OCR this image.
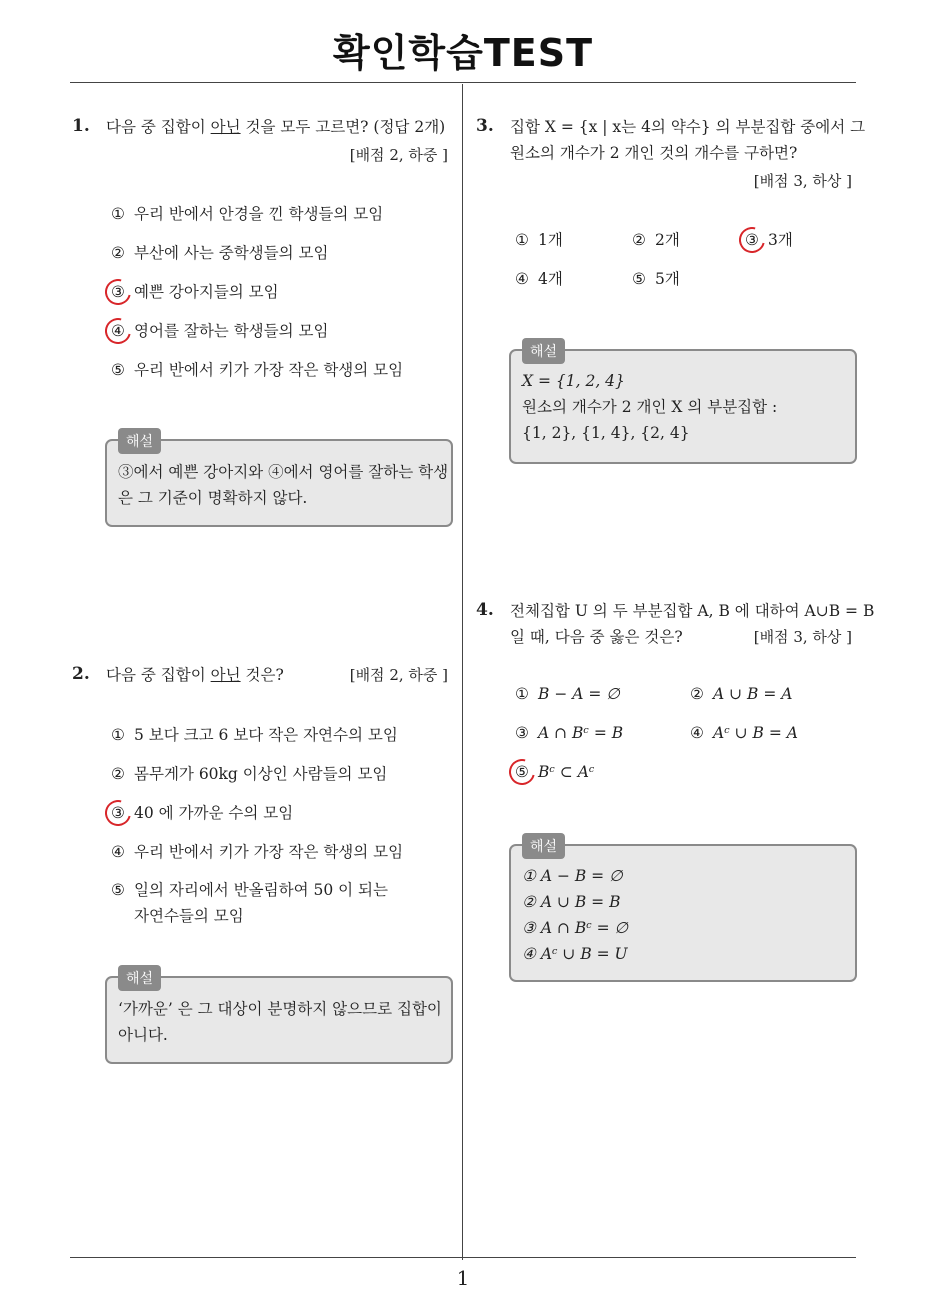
확인학습TEST
1
1. 다음 중 집합이 아닌 것을 모두 고르면? (정답 2개)
[배점 2, 하중 ]
① 우리 반에서 안경을 낀 학생들의 모임
② 부산에 사는 중학생들의 모임
③ 예쁜 강아지들의 모임
④ 영어를 잘하는 학생들의 모임
⑤ 우리 반에서 키가 가장 작은 학생의 모임
해설
③에서 예쁜 강아지와 ④에서 영어를 잘하는 학생
은 그 기준이 명확하지 않다.
2. 다음 중 집합이 아닌 것은?	[배점 2, 하중 ]
① 5 보다 크고 6 보다 작은 자연수의 모임
② 몸무게가 60kg 이상인 사람들의 모임
③ 40 에 가까운 수의 모임
④ 우리 반에서 키가 가장 작은 학생의 모임
⑤ 일의 자리에서 반올림하여 50 이 되는
자연수들의 모임
해설
‘가까운’ 은 그 대상이 분명하지 않으므로 집합이
아니다.
3. 집합 X = {x | x는 4의 약수} 의 부분집합 중에서 그
원소의 개수가 2 개인 것의 개수를 구하면?
[배점 3, 하상 ]
① 1개	② 2개	③ 3개
④ 4개	⑤ 5개
해설
X = {1, 2, 4}
원소의 개수가 2 개인 X 의 부분집합 :
{1, 2}, {1, 4}, {2, 4}
4. 전체집합 U 의 두 부분집합 A, B 에 대하여 A∪B = B
일 때, 다음 중 옳은 것은?	[배점 3, 하상 ]
① B − A = ∅	② A ∪ B = A
③ A ∩ Bᶜ = B	④ Aᶜ ∪ B = A
⑤ Bᶜ ⊂ Aᶜ
해설
① A − B = ∅
② A ∪ B = B
③ A ∩ Bᶜ = ∅
④ Aᶜ ∪ B = U
